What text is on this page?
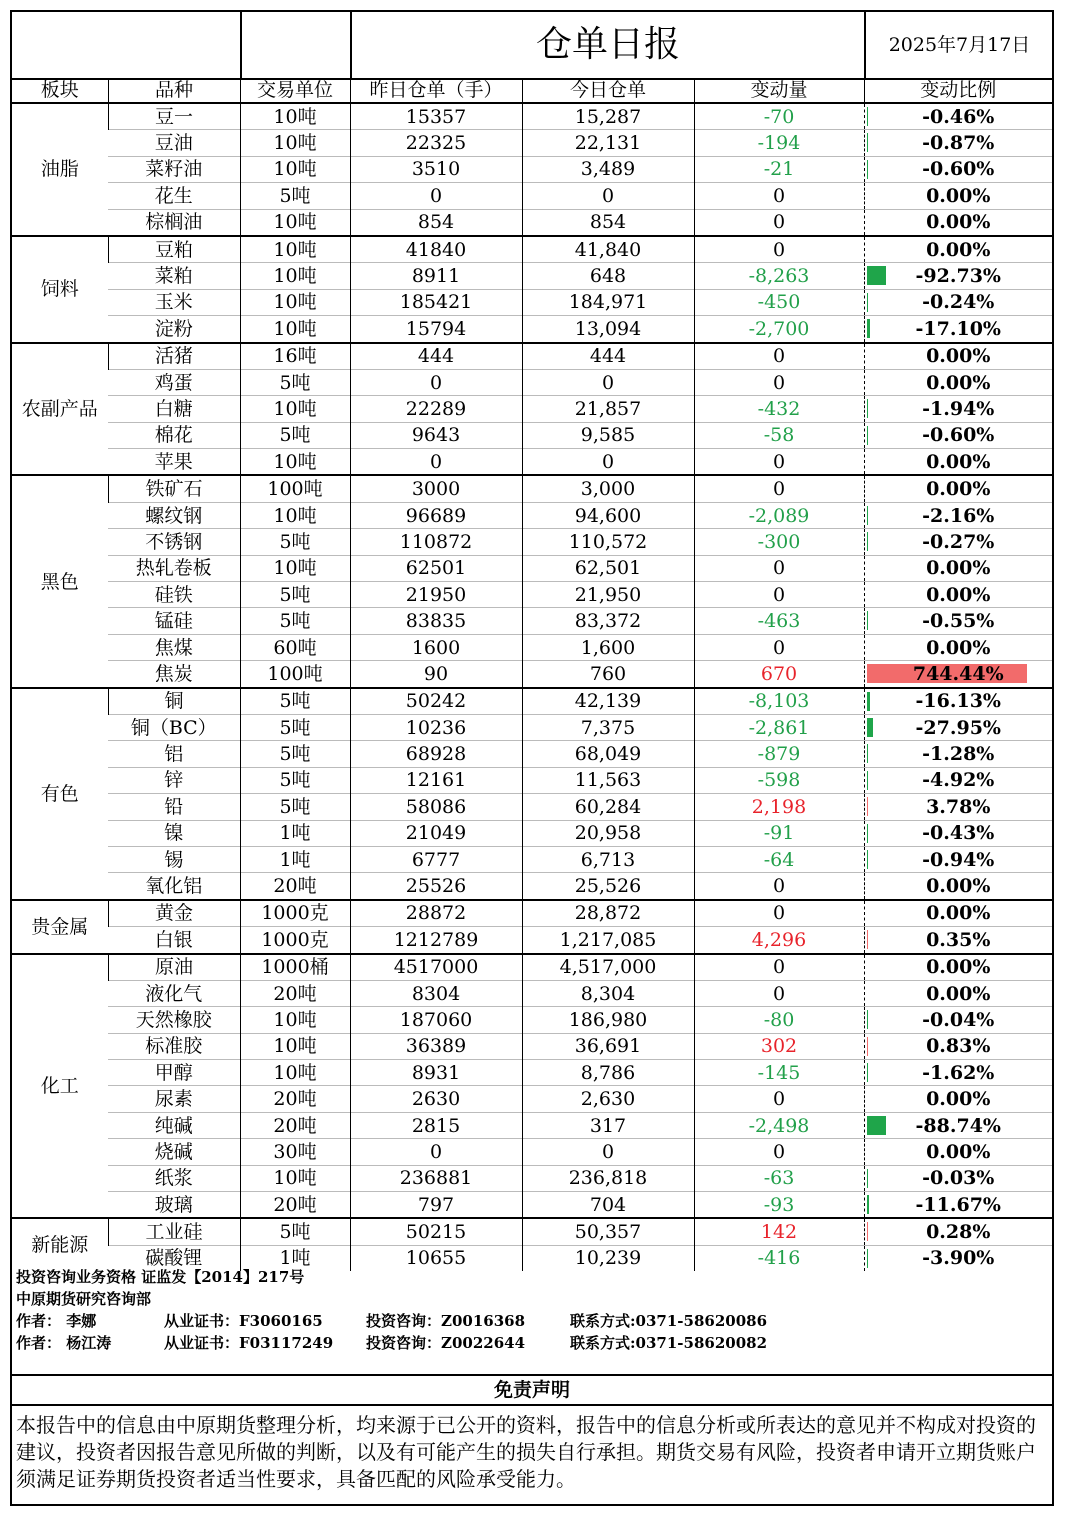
仓单日报	2025年7月17日
板块	品种	交易单位	昨日仓单（手）	今日仓单	变动量	变动比例
油脂	豆一	10吨	15357	15,287	-70	-0.46%
	豆油	10吨	22325	22,131	-194	-0.87%
	菜籽油	10吨	3510	3,489	-21	-0.60%
	花生	5吨	0	0	0	0.00%
	棕榈油	10吨	854	854	0	0.00%
饲料	豆粕	10吨	41840	41,840	0	0.00%
	菜粕	10吨	8911	648	-8,263	-92.73%
	玉米	10吨	185421	184,971	-450	-0.24%
	淀粉	10吨	15794	13,094	-2,700	-17.10%
农副产品	活猪	16吨	444	444	0	0.00%
	鸡蛋	5吨	0	0	0	0.00%
	白糖	10吨	22289	21,857	-432	-1.94%
	棉花	5吨	9643	9,585	-58	-0.60%
	苹果	10吨	0	0	0	0.00%
黑色	铁矿石	100吨	3000	3,000	0	0.00%
	螺纹钢	10吨	96689	94,600	-2,089	-2.16%
	不锈钢	5吨	110872	110,572	-300	-0.27%
	热轧卷板	10吨	62501	62,501	0	0.00%
	硅铁	5吨	21950	21,950	0	0.00%
	锰硅	5吨	83835	83,372	-463	-0.55%
	焦煤	60吨	1600	1,600	0	0.00%
	焦炭	100吨	90	760	670	744.44%
有色	铜	5吨	50242	42,139	-8,103	-16.13%
	铜（BC）	5吨	10236	7,375	-2,861	-27.95%
	铝	5吨	68928	68,049	-879	-1.28%
	锌	5吨	12161	11,563	-598	-4.92%
	铅	5吨	58086	60,284	2,198	3.78%
	镍	1吨	21049	20,958	-91	-0.43%
	锡	1吨	6777	6,713	-64	-0.94%
	氧化铝	20吨	25526	25,526	0	0.00%
贵金属	黄金	1000克	28872	28,872	0	0.00%
	白银	1000克	1212789	1,217,085	4,296	0.35%
化工	原油	1000桶	4517000	4,517,000	0	0.00%
	液化气	20吨	8304	8,304	0	0.00%
	天然橡胶	10吨	187060	186,980	-80	-0.04%
	标准胶	10吨	36389	36,691	302	0.83%
	甲醇	10吨	8931	8,786	-145	-1.62%
	尿素	20吨	2630	2,630	0	0.00%
	纯碱	20吨	2815	317	-2,498	-88.74%
	烧碱	30吨	0	0	0	0.00%
	纸浆	10吨	236881	236,818	-63	-0.03%
	玻璃	20吨	797	704	-93	-11.67%
新能源	工业硅	5吨	50215	50,357	142	0.28%
	碳酸锂	1吨	10655	10,239	-416	-3.90%
投资咨询业务资格 证监发【2014】217号
中原期货研究咨询部
作者： 李娜	从业证书：F3060165	投资咨询：Z0016368	联系方式:0371-58620086
作者： 杨江涛	从业证书：F03117249 投资咨询：Z0022644	联系方式:0371-58620082
免责声明
本报告中的信息由中原期货整理分析，均来源于已公开的资料，报告中的信息分析或所表达的意见并不构成对投资的建议，投资者因报告意见所做的判断，以及有可能产生的损失自行承担。期货交易有风险，投资者申请开立期货账户须满足证券期货投资者适当性要求，具备匹配的风险承受能力。
